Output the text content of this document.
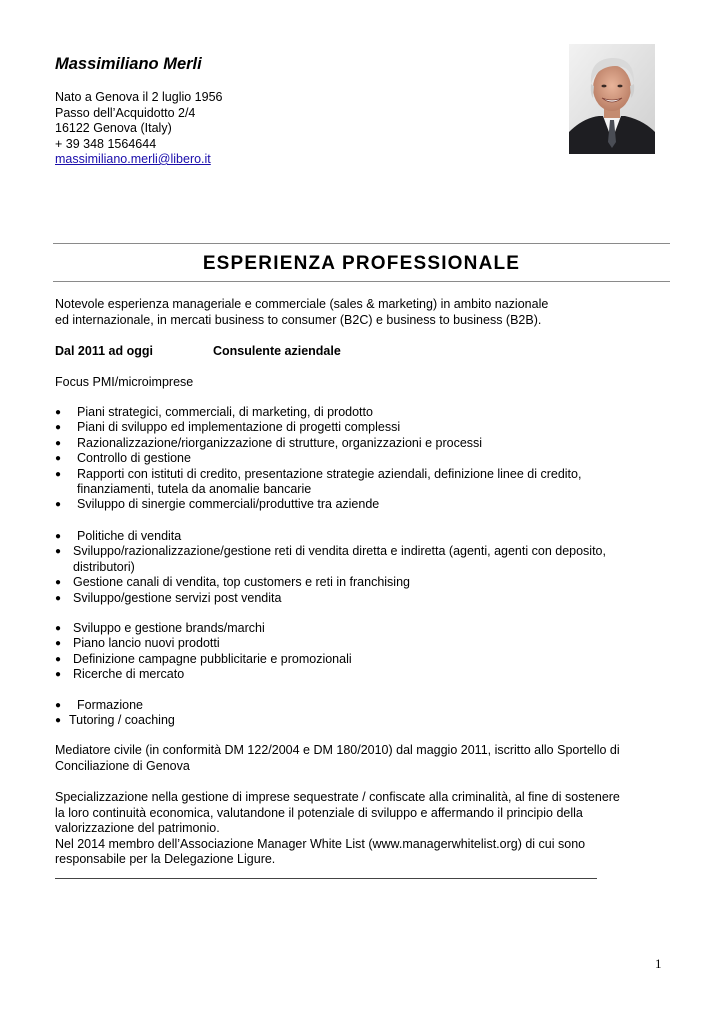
Massimiliano Merli
Nato a Genova il 2 luglio 1956
Passo dell’Acquidotto 2/4
16122 Genova (Italy)
+ 39 348 1564644
massimiliano.merli@libero.it
ESPERIENZA PROFESSIONALE
Notevole esperienza manageriale e commerciale (sales & marketing) in ambito nazionale
ed internazionale, in mercati business to consumer (B2C) e business to business (B2B).
Dal 2011 ad oggi	Consulente aziendale
Focus PMI/microimprese
● Piani strategici, commerciali, di marketing, di prodotto
● Piani di sviluppo ed implementazione di progetti complessi
● Razionalizzazione/riorganizzazione di strutture, organizzazioni e processi
● Controllo di gestione
● Rapporti con istituti di credito, presentazione strategie aziendali, definizione linee di credito,
finanziamenti, tutela da anomalie bancarie
● Sviluppo di sinergie commerciali/produttive tra aziende
● Politiche di vendita
● Sviluppo/razionalizzazione/gestione reti di vendita diretta e indiretta (agenti, agenti con deposito,
distributori)
● Gestione canali di vendita, top customers e reti in franchising
● Sviluppo/gestione servizi post vendita
● Sviluppo e gestione brands/marchi
● Piano lancio nuovi prodotti
● Definizione campagne pubblicitarie e promozionali
● Ricerche di mercato
● Formazione
● Tutoring / coaching
Mediatore civile (in conformità DM 122/2004 e DM 180/2010) dal maggio 2011, iscritto allo Sportello di
Conciliazione di Genova
Specializzazione nella gestione di imprese sequestrate / confiscate alla criminalità, al fine di sostenere
la loro continuità economica, valutandone il potenziale di sviluppo e affermando il principio della
valorizzazione del patrimonio.
Nel 2014 membro dell’Associazione Manager White List (www.managerwhitelist.org) di cui sono
responsabile per la Delegazione Ligure.
1
